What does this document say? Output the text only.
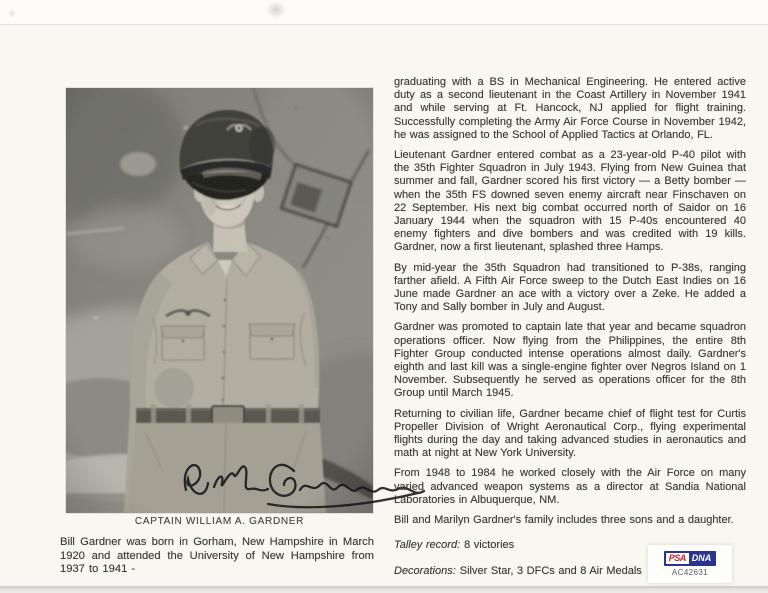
CAPTAIN WILLIAM A. GARDNER
Bill Gardner was born in Gorham, New Hampshire in March 1920 and attended the University of New Hampshire from 1937 to 1941 -

graduating with a BS in Mechanical Engineering. He entered active duty as a second lieutenant in the Coast Artillery in November 1941 and while serving at Ft. Hancock, NJ applied for flight training. Successfully completing the Army Air Force Course in November 1942, he was assigned to the School of Applied Tactics at Orlando, FL.

Lieutenant Gardner entered combat as a 23-year-old P-40 pilot with the 35th Fighter Squadron in July 1943. Flying from New Guinea that summer and fall, Gardner scored his first victory — a Betty bomber —when the 35th FS downed seven enemy aircraft near Finschaven on 22 September. His next big combat occurred north of Saidor on 16 January 1944 when the squadron with 15 P-40s encountered 40 enemy fighters and dive bombers and was credited with 19 kills. Gardner, now a first lieutenant, splashed three Hamps.

By mid-year the 35th Squadron had transitioned to P-38s, ranging farther afield. A Fifth Air Force sweep to the Dutch East Indies on 16 June made Gardner an ace with a victory over a Zeke. He added a Tony and Sally bomber in July and August.

Gardner was promoted to captain late that year and became squadron operations officer. Now flying from the Philippines, the entire 8th Fighter Group conducted intense operations almost daily. Gardner's eighth and last kill was a single-engine fighter over Negros Island on 1 November. Subsequently he served as operations officer for the 8th Group until March 1945.

Returning to civilian life, Gardner became chief of flight test for Curtis Propeller Division of Wright Aeronautical Corp., flying experimental flights during the day and taking advanced studies in aeronautics and math at night at New York University.

From 1948 to 1984 he worked closely with the Air Force on many varied advanced weapon systems as a director at Sandia National Laboratories in Albuquerque, NM.

Bill and Marilyn Gardner's family includes three sons and a daughter.

Talley record: 8 victories

Decorations: Silver Star, 3 DFCs and 8 Air Medals

PSA DNA
AC42631
